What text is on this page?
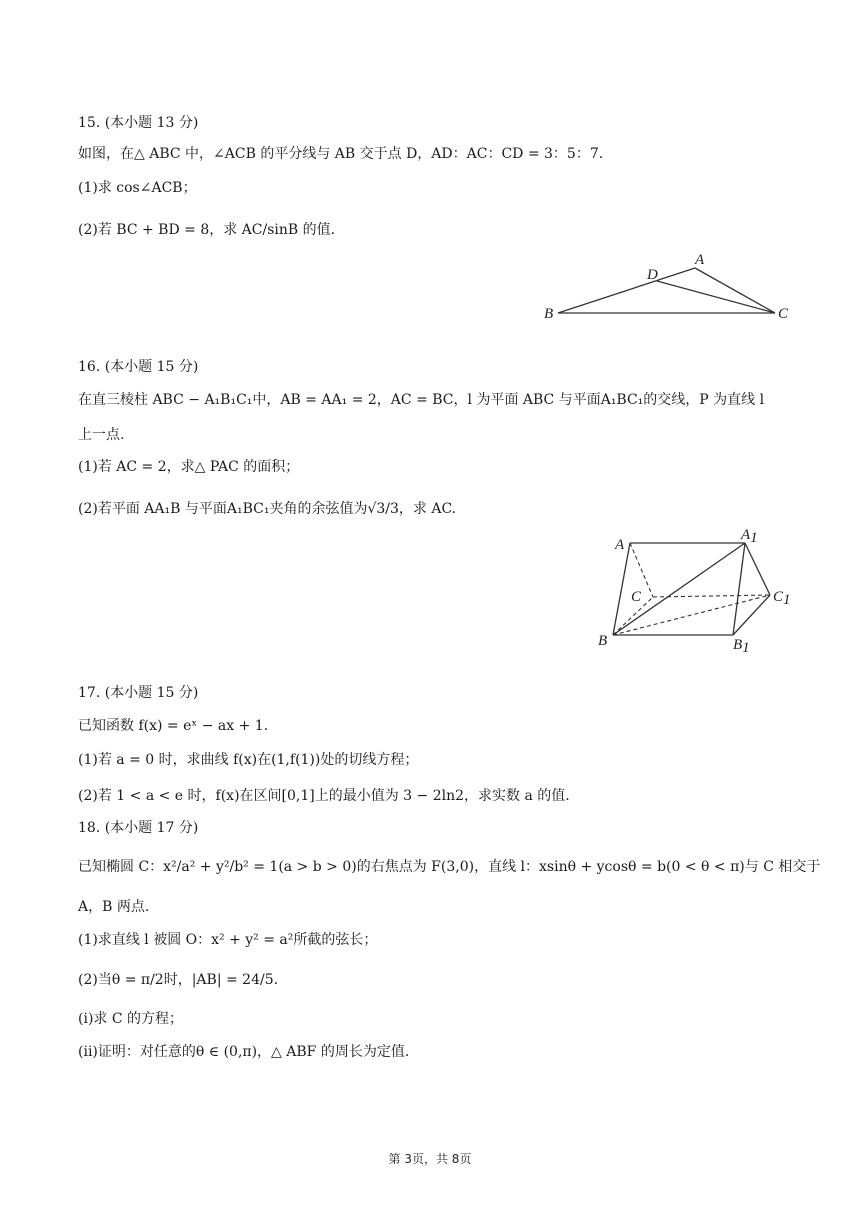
15. (本小题 13 分)
如图，在△ ABC 中，∠ACB 的平分线与 AB 交于点 D，AD：AC：CD = 3：5：7.
(1)求 cos∠ACB；
(2)若 BC + BD = 8，求 AC/sinB 的值.
A
D
B	C
16. (本小题 15 分)
在直三棱柱 ABC − A₁B₁C₁中，AB = AA₁ = 2，AC = BC，l 为平面 ABC 与平面A₁BC₁的交线，P 为直线 l
上一点.
(1)若 AC = 2，求△ PAC 的面积；
(2)若平面 AA₁B 与平面A₁BC₁夹角的余弦值为√3/3，求 AC.
A
A1
C	C1
B	B1
17. (本小题 15 分)
已知函数 f(x) = eˣ − ax + 1.
(1)若 a = 0 时，求曲线 f(x)在(1,f(1))处的切线方程；
(2)若 1 < a < e 时，f(x)在区间[0,1]上的最小值为 3 − 2ln2，求实数 a 的值.
18. (本小题 17 分)
已知椭圆 C：x²/a² + y²/b² = 1(a > b > 0)的右焦点为 F(3,0)，直线 l：xsinθ + ycosθ = b(0 < θ < π)与 C 相交于
A，B 两点.
(1)求直线 l 被圆 O：x² + y² = a²所截的弦长；
(2)当θ = π/2时，|AB| = 24/5.
(i)求 C 的方程；
(ii)证明：对任意的θ ∈ (0,π)，△ ABF 的周长为定值.
第 3页，共 8页
